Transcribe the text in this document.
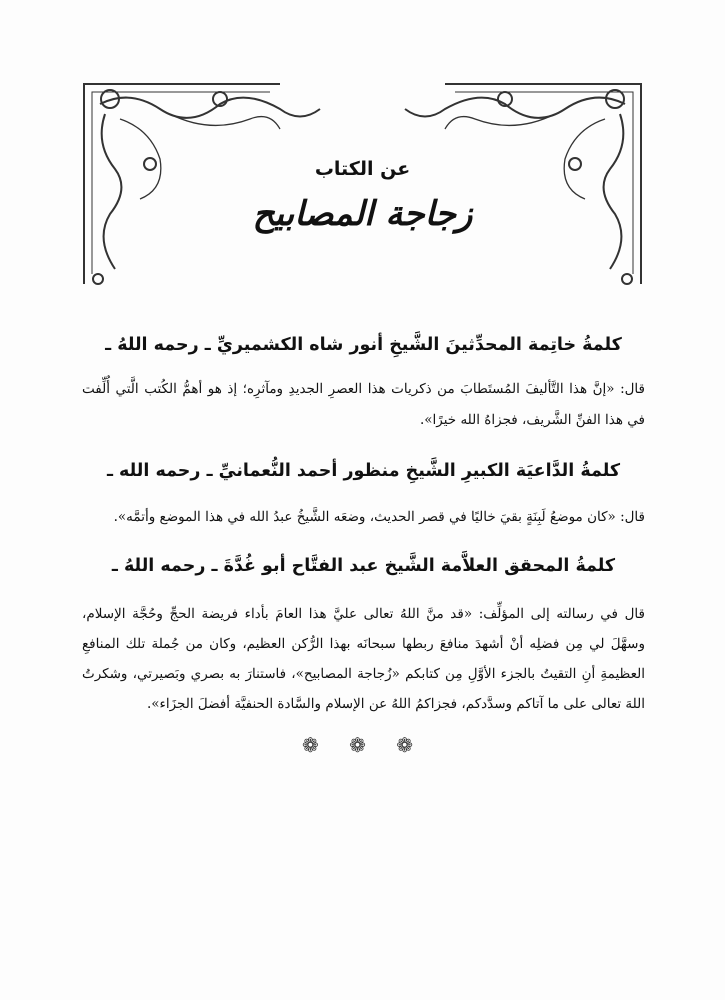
عن الكتاب
زجاجة المصابيح
كلمةُ خاتِمة المحدِّثينَ الشَّيخِ أنور شاه الكشميريِّ ـ رحمه اللهُ ـ

قال: «إنَّ هذا التَّأليفَ المُستَطابَ من ذكريات هذا العصرِ الجديدِ ومآثرِه؛ إذ هو أهمُّ الكُتب الَّتي أُلِّفت في هذا الفنِّ الشَّريف، فجزاهُ الله خيرًا».

كلمةُ الدَّاعيَة الكبيرِ الشَّيخِ منظور أحمد النُّعمانيِّ ـ رحمه الله ـ

قال: «كان موضعُ لَبِنَةٍ بقيَ خاليًا في قصر الحديث، وضعَه الشَّيخُ عبدُ الله في هذا الموضع وأتمَّه».

كلمةُ المحقق العلاَّمة الشَّيخ عبد الفتَّاح أبو غُدَّةَ ـ رحمه اللهُ ـ

قال في رسالته إلى المؤلِّف: «قد منَّ اللهُ تعالى عليَّ هذا العامَ بأداء فريضة الحجِّ وحُجَّة الإسلام، وسهَّلَ لي مِن فضلِه أنْ أشهدَ منافعَ ربطها سبحانَه بهذا الرُّكن العظيم، وكان من جُملة تلك المنافعِ العظيمةِ أنِ التقيتُ بالجزء الأوَّلِ مِن كتابكم «زُجاجة المصابيح»، فاستنارَ به بصري وبَصيرتي، وشكرتُ اللهَ تعالى على ما آتاكم وسدَّدكم، فجزاكمُ اللهُ عن الإسلام والسَّادة الحنفيَّة أفضلَ الجزَاء».

❁ ❁ ❁
